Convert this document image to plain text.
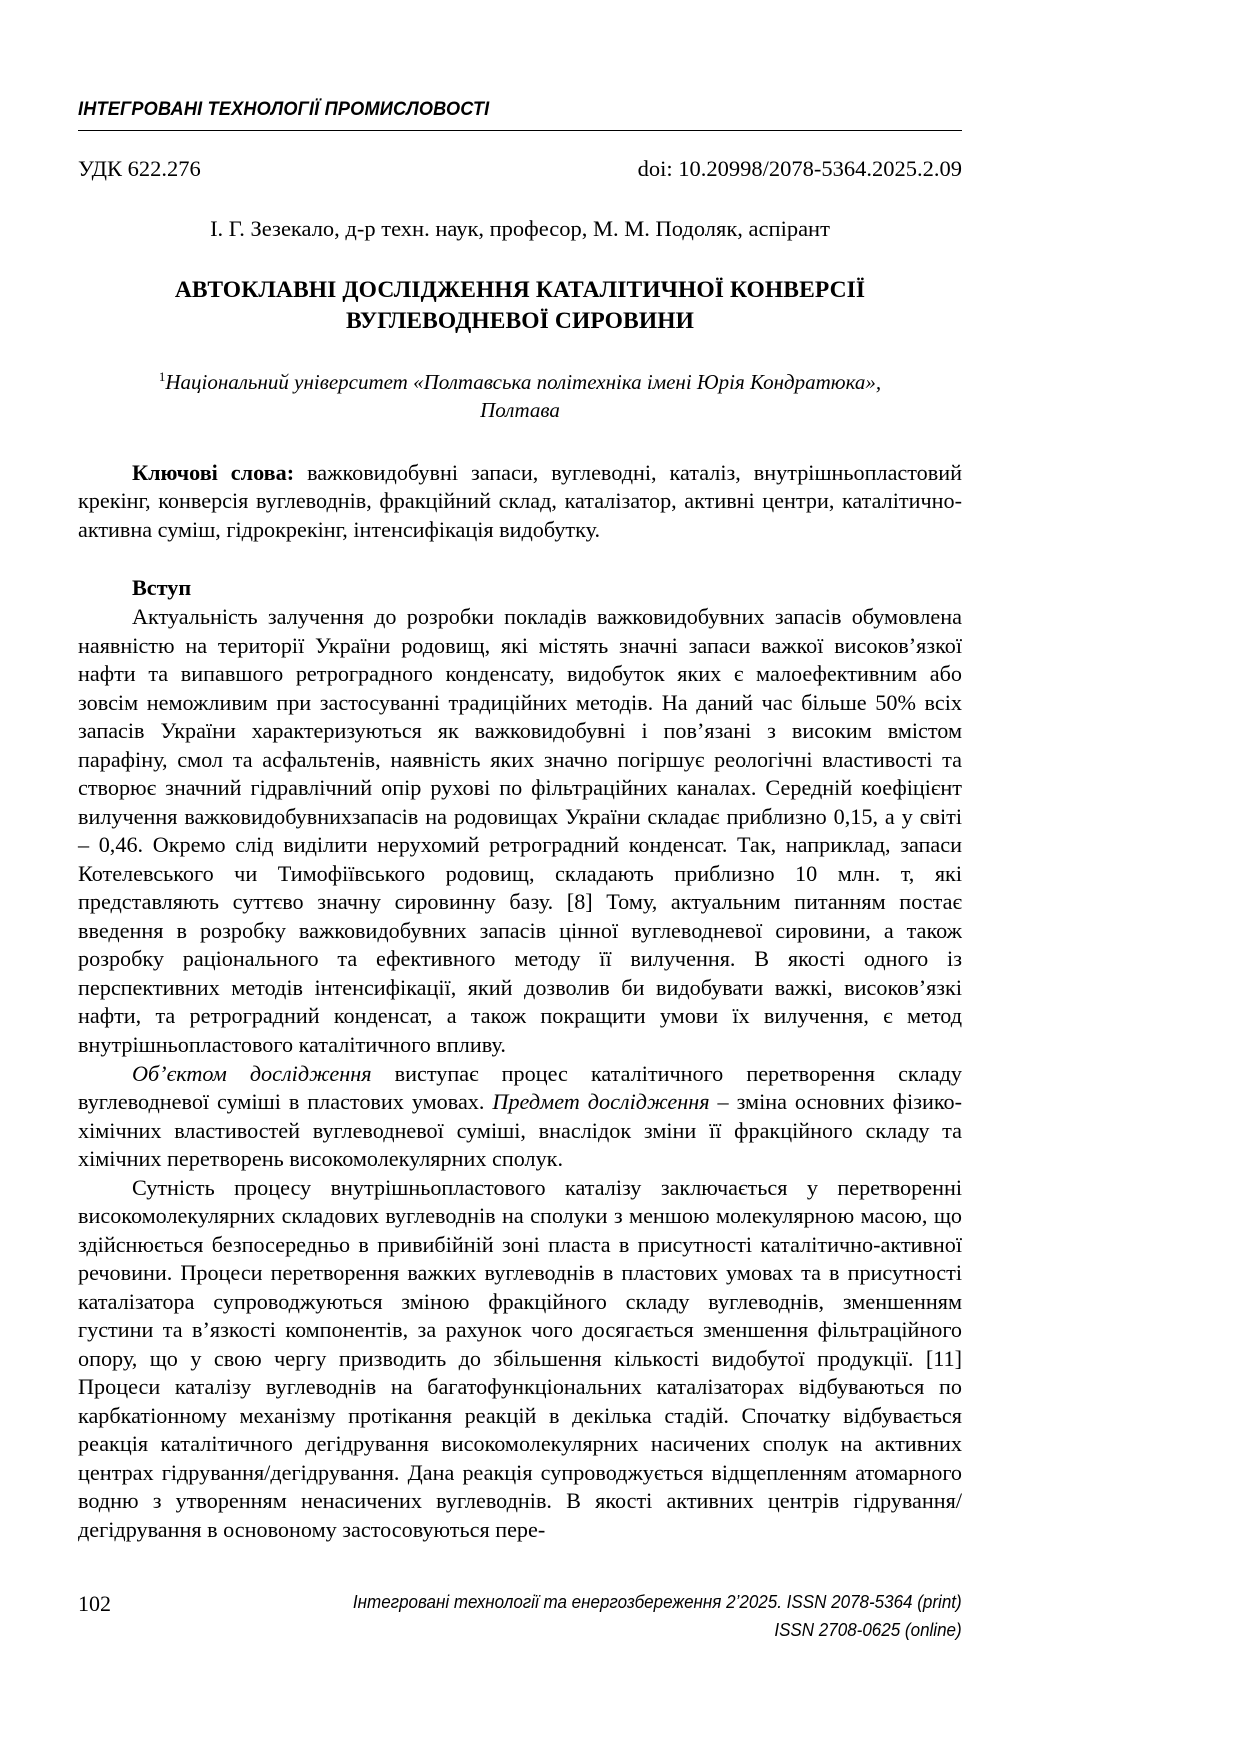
ІНТЕГРОВАНІ ТЕХНОЛОГІЇ ПРОМИСЛОВОСТІ
УДК 622.276	doi: 10.20998/2078-5364.2025.2.09
І. Г. Зезекало, д-р техн. наук, професор, М. М. Подоляк, аспірант
АВТОКЛАВНІ ДОСЛІДЖЕННЯ КАТАЛІТИЧНОЇ КОНВЕРСІЇ
ВУГЛЕВОДНЕВОЇ СИРОВИНИ
$^1$Національний університет «Полтавська політехніка імені Юрія Кондратюка»,
Полтава

Ключові слова: важковидобувні запаси, вуглеводні, каталіз, внутрішньопластовий крекінг, конверсія вуглеводнів, фракційний склад, каталізатор, активні центри, каталітично-активна суміш, гідрокрекінг, інтенсифікація видобутку.

Вступ

Актуальність залучення до розробки покладів важковидобувних запасів обумовлена наявністю на території України родовищ, які містять значні запаси важкої високов’язкої нафти та випавшого ретроградного конденсату, видобуток яких є малоефективним або зовсім неможливим при застосуванні традиційних методів. На даний час більше 50% всіх запасів України характеризуються як важковидобувні і пов’язані з високим вмістом парафіну, смол та асфальтенів, наявність яких значно погіршує реологічні властивості та створює значний гідравлічний опір рухові по фільтраційних каналах. Середній коефіцієнт вилучення важковидобувнихзапасів на родовищах України складає приблизно 0,15, а у світі – 0,46. Окремо слід виділити нерухомий ретроградний конденсат. Так, наприклад, запаси Котелевського чи Тимофіївського родовищ, складають приблизно 10 млн. т, які представляють суттєво значну сировинну базу. [8] Тому, актуальним питанням постає введення в розробку важковидобувних запасів цінної вуглеводневої сировини, а також розробку раціонального та ефективного методу її вилучення. В якості одного із перспективних методів інтенсифікації, який дозволив би видобувати важкі, високов’язкі нафти, та ретроградний конденсат, а також покращити умови їх вилучення, є метод внутрішньопластового каталітичного впливу.

Об’єктом дослідження виступає процес каталітичного перетворення складу вуглеводневої суміші в пластових умовах. Предмет дослідження – зміна основних фізико-хімічних властивостей вуглеводневої суміші, внаслідок зміни її фракційного складу та хімічних перетворень високомолекулярних сполук.

Сутність процесу внутрішньопластового каталізу заключається у перетворенні високомолекулярних складових вуглеводнів на сполуки з меншою молекулярною масою, що здійснюється безпосередньо в привибійній зоні пласта в присутності каталітично-активної речовини. Процеси перетворення важких вуглеводнів в пластових умовах та в присутності каталізатора супроводжуються зміною фракційного складу вуглеводнів, зменшенням густини та в’язкості компонентів, за рахунок чого досягається зменшення фільтраційного опору, що у свою чергу призводить до збільшення кількості видобутої продукції. [11] Процеси каталізу вуглеводнів на багатофункціональних каталізаторах відбуваються по карбкатіонному механізму протікання реакцій в декілька стадій. Спочатку відбувається реакція каталітичного дегідрування високомолекулярних насичених сполук на активних центрах гідрування/дегідрування. Дана реакція супроводжується відщепленням атомарного водню з утворенням ненасичених вуглеводнів. В якості активних центрів гідрування/дегідрування в основоному застосовуються пере-

102	Інтегровані технології та енергозбереження 2’2025. ISSN 2078-5364 (print)
ISSN 2708-0625 (online)
